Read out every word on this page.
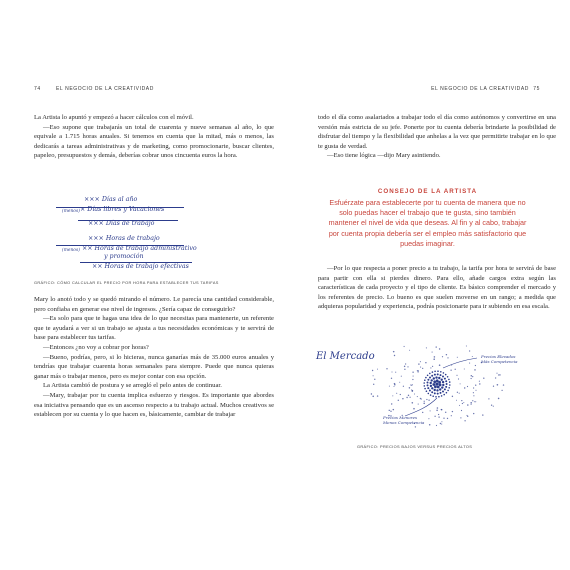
74	EL NEGOCIO DE LA CREATIVIDAD

La Artista lo apuntó y empezó a hacer cálculos con el móvil.

—Eso supone que trabajarás un total de cuarenta y nueve semanas al año, lo que equivale a 1.715 horas anuales. Si tenemos en cuenta que la mitad, más o menos, las dedicarás a tareas administrativas y de marketing, como promocionarte, buscar clientes, papeleo, presupuestos y demás, deberías cobrar unos cincuenta euros la hora.

××× Días al año
(menos) × Días libres y Vacaciones
××× Días de trabajo
××× Horas de trabajo
(menos) ×× Horas de trabajo administrativo
y promoción
×× Horas de trabajo efectivas
GRÁFICO: CÓMO CALCULAR EL PRECIO POR HORA PARA ESTABLECER TUS TARIFAS

Mary lo anotó todo y se quedó mirando el número. Le parecía una cantidad considerable, pero confiaba en generar ese nivel de ingresos. ¿Sería capaz de conseguirlo?

—Es solo para que te hagas una idea de lo que necesitas para mantenerte, un referente que te ayudará a ver si un trabajo se ajusta a tus necesidades económicas y te servirá de base para establecer tus tarifas.

—Entonces ¿no voy a cobrar por horas?

—Bueno, podrías, pero, si lo hicieras, nunca ganarías más de 35.000 euros anuales y tendrías que trabajar cuarenta horas semanales para siempre. Puede que nunca quieras ganar más o trabajar menos, pero es mejor contar con esa opción.

La Artista cambió de postura y se arregló el pelo antes de continuar.

—Mary, trabajar por tu cuenta implica esfuerzo y riesgos. Es importante que abordes esa iniciativa pensando que es un ascenso respecto a tu trabajo actual. Muchos creativos se establecen por su cuenta y lo que hacen es, básicamente, cambiar de trabajar

EL NEGOCIO DE LA CREATIVIDAD 75

todo el día como asalariados a trabajar todo el día como autónomos y convertirse en una versión más estricta de su jefe. Ponerte por tu cuenta debería brindarte la posibilidad de disfrutar del tiempo y la flexibilidad que anhelas a la vez que permitirte trabajar en lo que te gusta de verdad.

—Eso tiene lógica —dijo Mary asintiendo.

CONSEJO DE LA ARTISTA
Esfuérzate para establecerte por tu cuenta de manera que no solo puedas hacer el trabajo que te gusta, sino también mantener el nivel de vida que deseas. Al fin y al cabo, trabajar por cuenta propia debería ser el empleo más satisfactorio que puedas imaginar.

—Por lo que respecta a poner precio a tu trabajo, la tarifa por hora te servirá de base para partir con ella si pierdes dinero. Para ello, añade cargos extra según las características de cada proyecto y el tipo de cliente. Es básico comprender el mercado y los referentes de precio. Lo bueno es que suelen moverse en un rango; a medida que adquieras popularidad y experiencia, podrás posicionarte para ir subiendo en esa escala.

El Mercado	Precios Elevados
Más Competencia
Precios Menores
Menos Competencia
GRÁFICO: PRECIOS BAJOS VERSUS PRECIOS ALTOS
